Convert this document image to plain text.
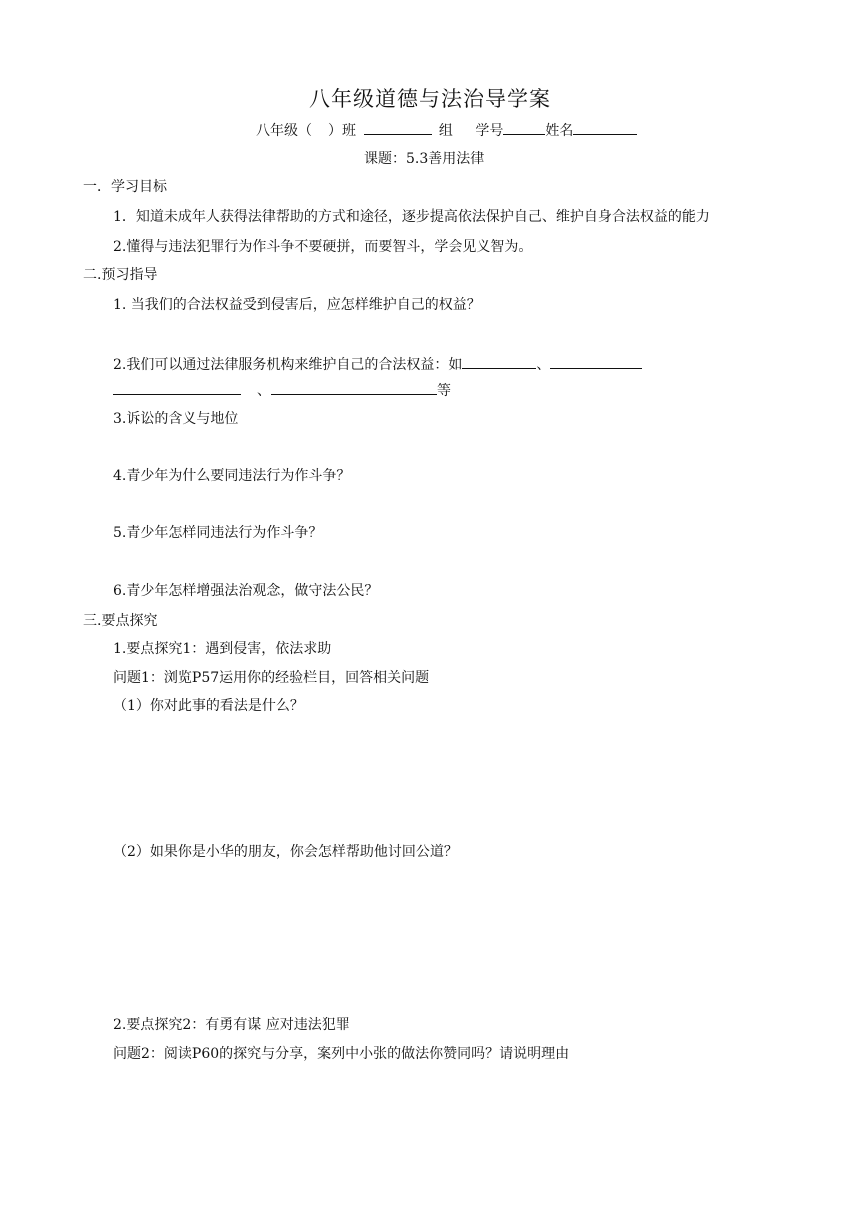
八年级道德与法治导学案
八年级（ ）班	组 学号	姓名
课题：5.3善用法律
一．学习目标
1．知道未成年人获得法律帮助的方式和途径，逐步提高依法保护自己、维护自身合法权益的能力
2.懂得与违法犯罪行为作斗争不要硬拼，而要智斗，学会见义智为。
二.预习指导
1. 当我们的合法权益受到侵害后，应怎样维护自己的权益？
2.我们可以通过法律服务机构来维护自己的合法权益：如	、
、	等
3.诉讼的含义与地位
4.青少年为什么要同违法行为作斗争？
5.青少年怎样同违法行为作斗争？
6.青少年怎样增强法治观念，做守法公民？
三.要点探究
1.要点探究1：遇到侵害，依法求助
问题1：浏览P57运用你的经验栏目，回答相关问题
（1）你对此事的看法是什么？
（2）如果你是小华的朋友，你会怎样帮助他讨回公道？
2.要点探究2：有勇有谋 应对违法犯罪
问题2：阅读P60的探究与分享，案列中小张的做法你赞同吗？请说明理由
